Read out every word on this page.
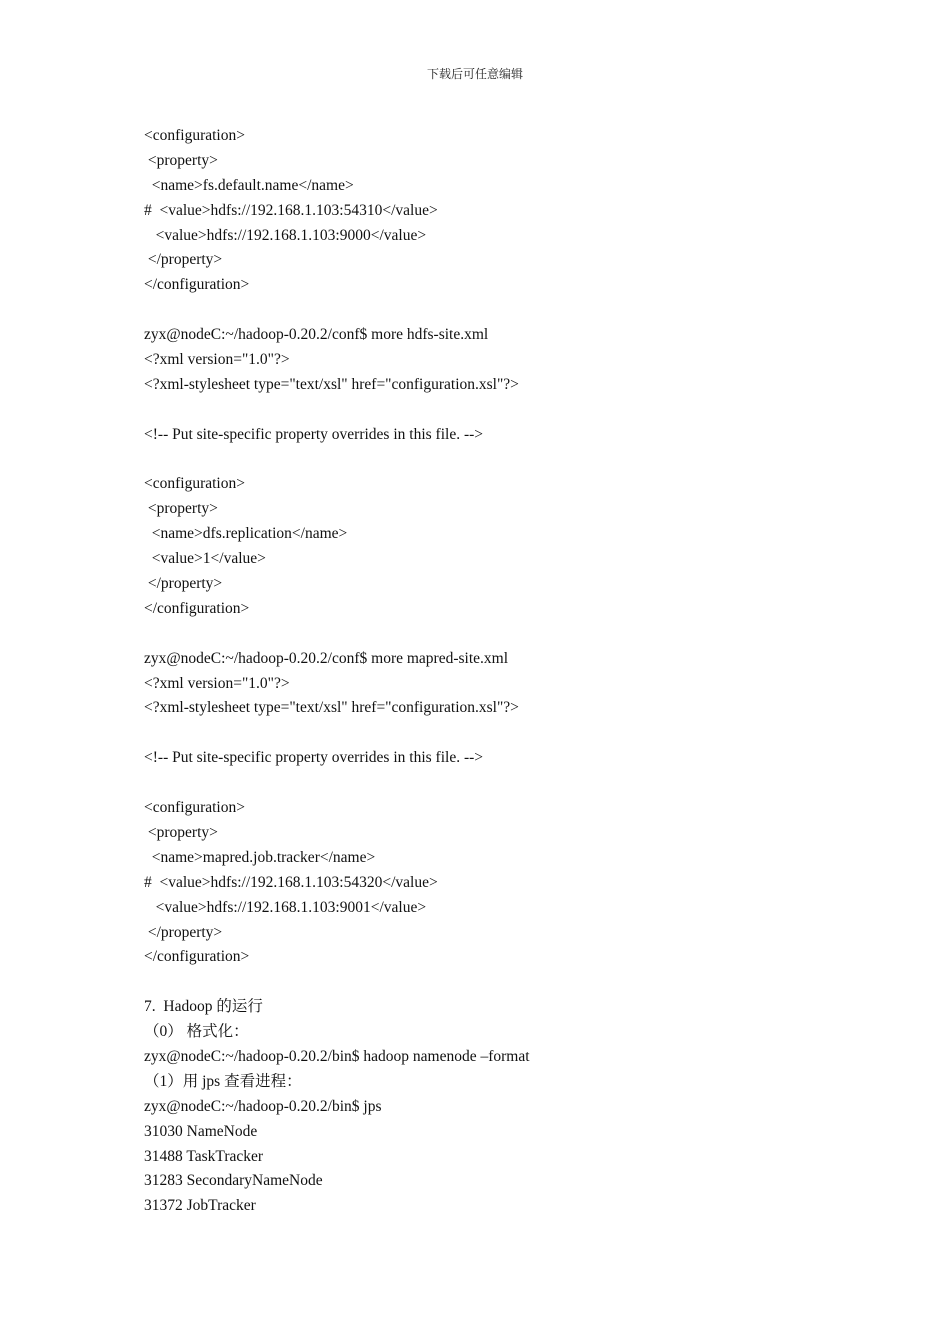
下载后可任意编辑
<configuration>
<property>
<name>fs.default.name</name>
#  <value>hdfs://192.168.1.103:54310</value>
<value>hdfs://192.168.1.103:9000</value>
</property>
</configuration>
zyx@nodeC:~/hadoop-0.20.2/conf$ more hdfs-site.xml
<?xml version="1.0"?>
<?xml-stylesheet type="text/xsl" href="configuration.xsl"?>
<!-- Put site-specific property overrides in this file. -->
<configuration>
<property>
<name>dfs.replication</name>
<value>1</value>
</property>
</configuration>
zyx@nodeC:~/hadoop-0.20.2/conf$ more mapred-site.xml
<?xml version="1.0"?>
<?xml-stylesheet type="text/xsl" href="configuration.xsl"?>
<!-- Put site-specific property overrides in this file. -->
<configuration>
<property>
<name>mapred.job.tracker</name>
#  <value>hdfs://192.168.1.103:54320</value>
<value>hdfs://192.168.1.103:9001</value>
</property>
</configuration>
7.  Hadoop 的运行
（0） 格式化：
zyx@nodeC:~/hadoop-0.20.2/bin$ hadoop namenode –format
（1）用 jps 查看进程：
zyx@nodeC:~/hadoop-0.20.2/bin$ jps
31030 NameNode
31488 TaskTracker
31283 SecondaryNameNode
31372 JobTracker
